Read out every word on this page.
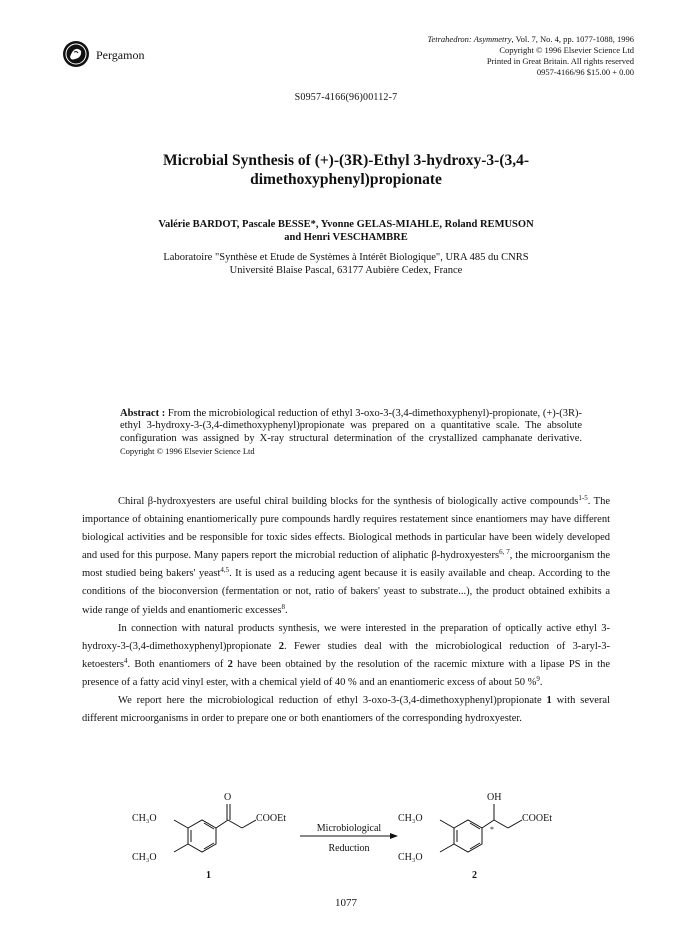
Pergamon
Tetrahedron: Asymmetry, Vol. 7, No. 4, pp. 1077-1088, 1996
Copyright © 1996 Elsevier Science Ltd
Printed in Great Britain. All rights reserved
0957-4166/96 $15.00 + 0.00
S0957-4166(96)00112-7
Microbial Synthesis of (+)-(3R)-Ethyl 3-hydroxy-3-(3,4-
dimethoxyphenyl)propionate
Valérie BARDOT, Pascale BESSE*, Yvonne GELAS-MIAHLE, Roland REMUSON
and Henri VESCHAMBRE
Laboratoire "Synthèse et Etude de Systèmes à Intérêt Biologique", URA 485 du CNRS
Université Blaise Pascal, 63177 Aubière Cedex, France
Abstract : From the microbiological reduction of ethyl 3-oxo-3-(3,4-dimethoxyphenyl)-propionate, (+)-(3R)-ethyl 3-hydroxy-3-(3,4-dimethoxyphenyl)propionate was prepared on a quantitative scale. The absolute configuration was assigned by X-ray structural determination of the crystallized camphanate derivative. Copyright © 1996 Elsevier Science Ltd

Chiral β-hydroxyesters are useful chiral building blocks for the synthesis of biologically active compounds$^{1-5}$. The importance of obtaining enantiomerically pure compounds hardly requires restatement since enantiomers may have different biological activities and be responsible for toxic sides effects. Biological methods in particular have been widely developed and used for this purpose. Many papers report the microbial reduction of aliphatic β-hydroxyesters$^{6, 7}$, the microorganism the most studied being bakers' yeast$^{4,5}$. It is used as a reducing agent because it is easily available and cheap. According to the conditions of the bioconversion (fermentation or not, ratio of bakers' yeast to substrate...), the product obtained exhibits a wide range of yields and enantiomeric excesses$^8$.

In connection with natural products synthesis, we were interested in the preparation of optically active ethyl 3-hydroxy-3-(3,4-dimethoxyphenyl)propionate 2. Fewer studies deal with the microbiological reduction of 3-aryl-3-ketoesters$^4$. Both enantiomers of 2 have been obtained by the resolution of the racemic mixture with a lipase PS in the presence of a fatty acid vinyl ester, with a chemical yield of 40 % and an enantiomeric excess of about 50 %$^9$.

We report here the microbiological reduction of ethyl 3-oxo-3-(3,4-dimethoxyphenyl)propionate 1 with several different microorganisms in order to prepare one or both enantiomers of the corresponding hydroxyester.

CH₃O
CH₃O
O
COOEt
1
Microbiological
Reduction
CH₃O
CH₃O
OH
*
COOEt
2
1077
